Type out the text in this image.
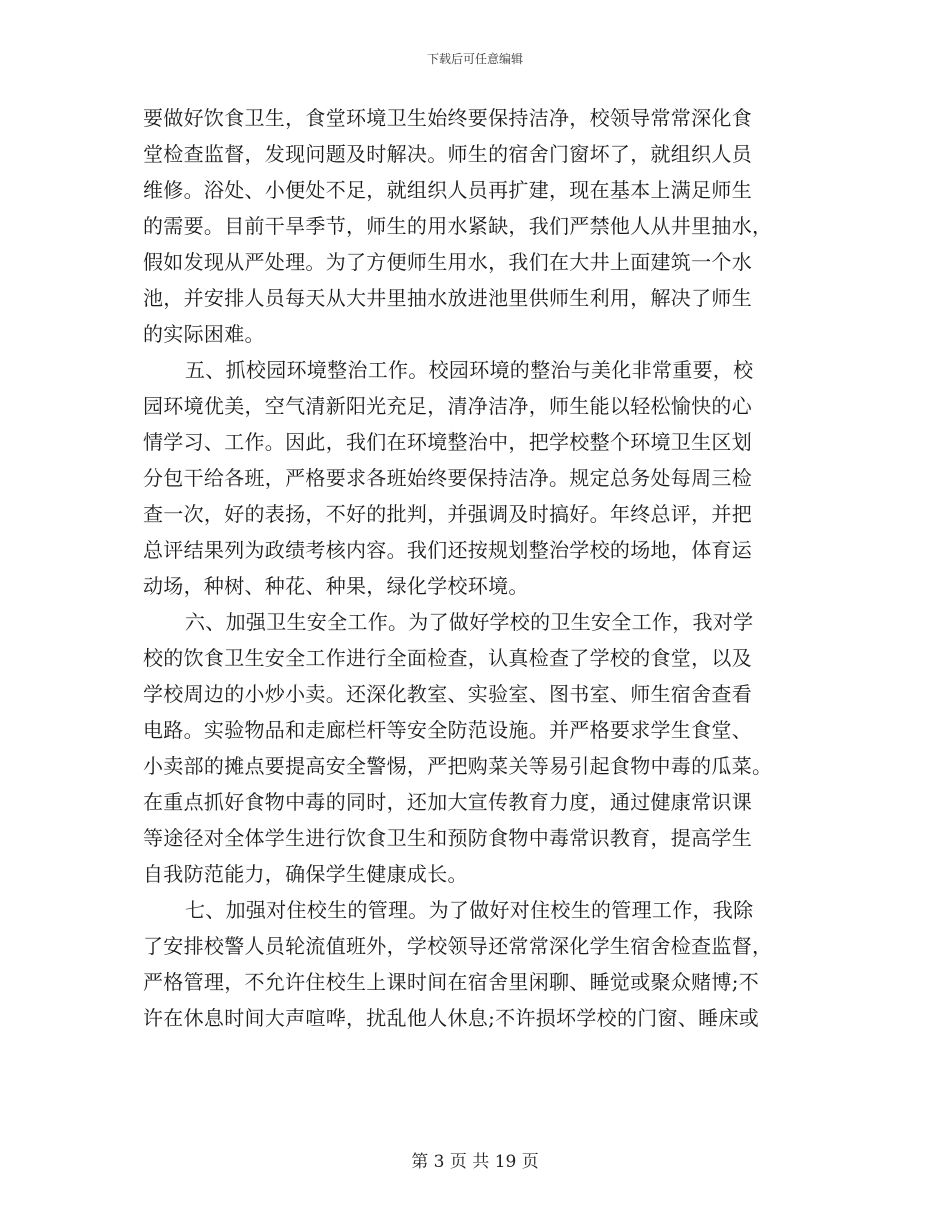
下载后可任意编辑
要做好饮食卫生，食堂环境卫生始终要保持洁净，校领导常常深化食
堂检查监督，发现问题及时解决。师生的宿舍门窗坏了，就组织人员
维修。浴处、小便处不足，就组织人员再扩建，现在基本上满足师生
的需要。目前干旱季节，师生的用水紧缺，我们严禁他人从井里抽水，
假如发现从严处理。为了方便师生用水，我们在大井上面建筑一个水
池，并安排人员每天从大井里抽水放进池里供师生利用，解决了师生
的实际困难。
五、抓校园环境整治工作。校园环境的整治与美化非常重要，校
园环境优美，空气清新阳光充足，清净洁净，师生能以轻松愉快的心
情学习、工作。因此，我们在环境整治中，把学校整个环境卫生区划
分包干给各班，严格要求各班始终要保持洁净。规定总务处每周三检
查一次，好的表扬，不好的批判，并强调及时搞好。年终总评，并把
总评结果列为政绩考核内容。我们还按规划整治学校的场地，体育运
动场，种树、种花、种果，绿化学校环境。
六、加强卫生安全工作。为了做好学校的卫生安全工作，我对学
校的饮食卫生安全工作进行全面检查，认真检查了学校的食堂，以及
学校周边的小炒小卖。还深化教室、实验室、图书室、师生宿舍查看
电路。实验物品和走廊栏杆等安全防范设施。并严格要求学生食堂、
小卖部的摊点要提高安全警惕，严把购菜关等易引起食物中毒的瓜菜。
在重点抓好食物中毒的同时，还加大宣传教育力度，通过健康常识课
等途径对全体学生进行饮食卫生和预防食物中毒常识教育，提高学生
自我防范能力，确保学生健康成长。
七、加强对住校生的管理。为了做好对住校生的管理工作，我除
了安排校警人员轮流值班外，学校领导还常常深化学生宿舍检查监督，
严格管理，不允许住校生上课时间在宿舍里闲聊、睡觉或聚众赌博;不
许在休息时间大声喧哗，扰乱他人休息;不许损坏学校的门窗、睡床或
第 3 页 共 19 页
